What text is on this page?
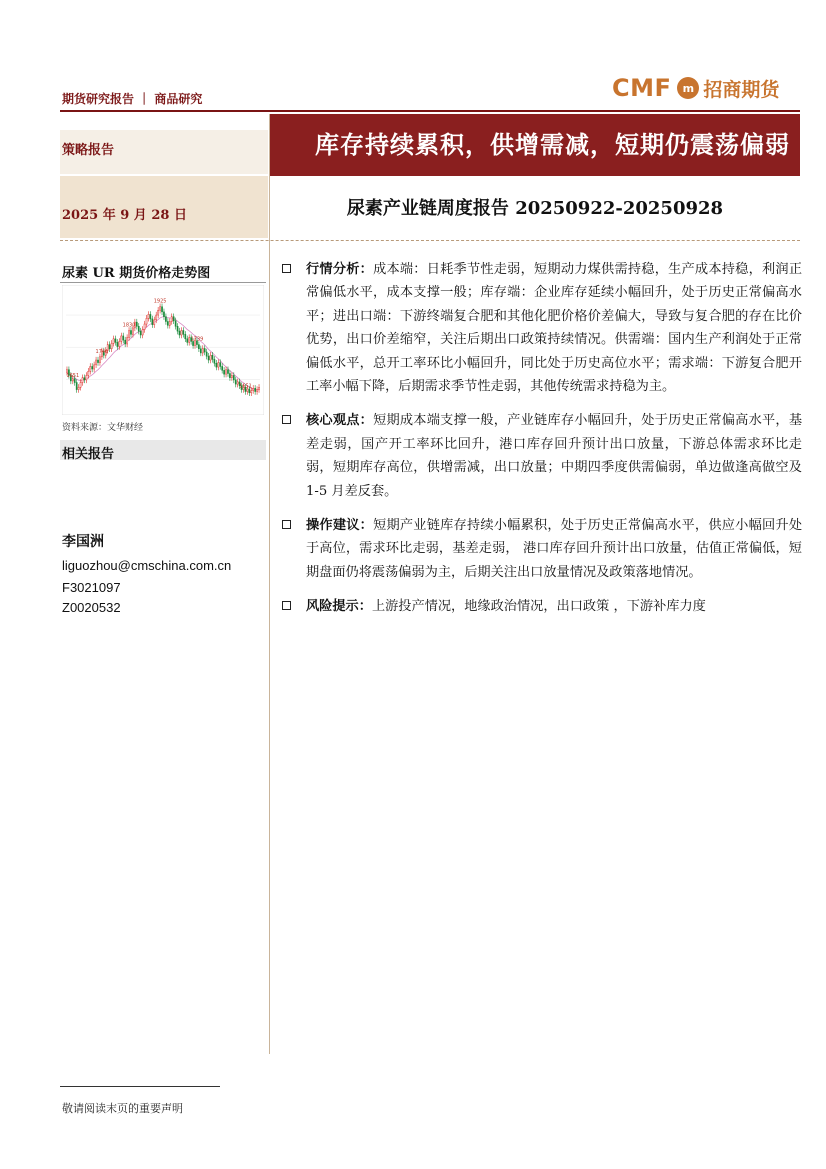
期货研究报告 ｜ 商品研究	CMF	m 招商期货
策略报告
2025 年 9 月 28 日
库存持续累积，供增需减，短期仍震荡偏弱
尿素产业链周度报告 20250922-20250928
尿素 UR 期货价格走势图
1830
1925
1746
1739
1651
1651
资料来源：文华财经
相关报告
李国洲
liguozhou@cmschina.com.cn
F3021097
Z0020532
行情分析：成本端：日耗季节性走弱，短期动力煤供需持稳，生产成本持稳，利润正常偏低水平，成本支撑一般；库存端：企业库存延续小幅回升，处于历史正常偏高水平；进出口端：下游终端复合肥和其他化肥价格价差偏大，导致与复合肥的存在比价优势，出口价差缩窄，关注后期出口政策持续情况。供需端：国内生产利润处于正常偏低水平，总开工率环比小幅回升，同比处于历史高位水平；需求端：下游复合肥开工率小幅下降，后期需求季节性走弱，其他传统需求持稳为主。
核心观点：短期成本端支撑一般，产业链库存小幅回升，处于历史正常偏高水平，基差走弱，国产开工率环比回升，港口库存回升预计出口放量，下游总体需求环比走弱，短期库存高位，供增需减，出口放量；中期四季度供需偏弱，单边做逢高做空及 1-5 月差反套。
操作建议：短期产业链库存持续小幅累积，处于历史正常偏高水平，供应小幅回升处于高位，需求环比走弱，基差走弱， 港口库存回升预计出口放量，估值正常偏低，短期盘面仍将震荡偏弱为主，后期关注出口放量情况及政策落地情况。
风险提示：上游投产情况，地缘政治情况，出口政策 ，下游补库力度
敬请阅读末页的重要声明
